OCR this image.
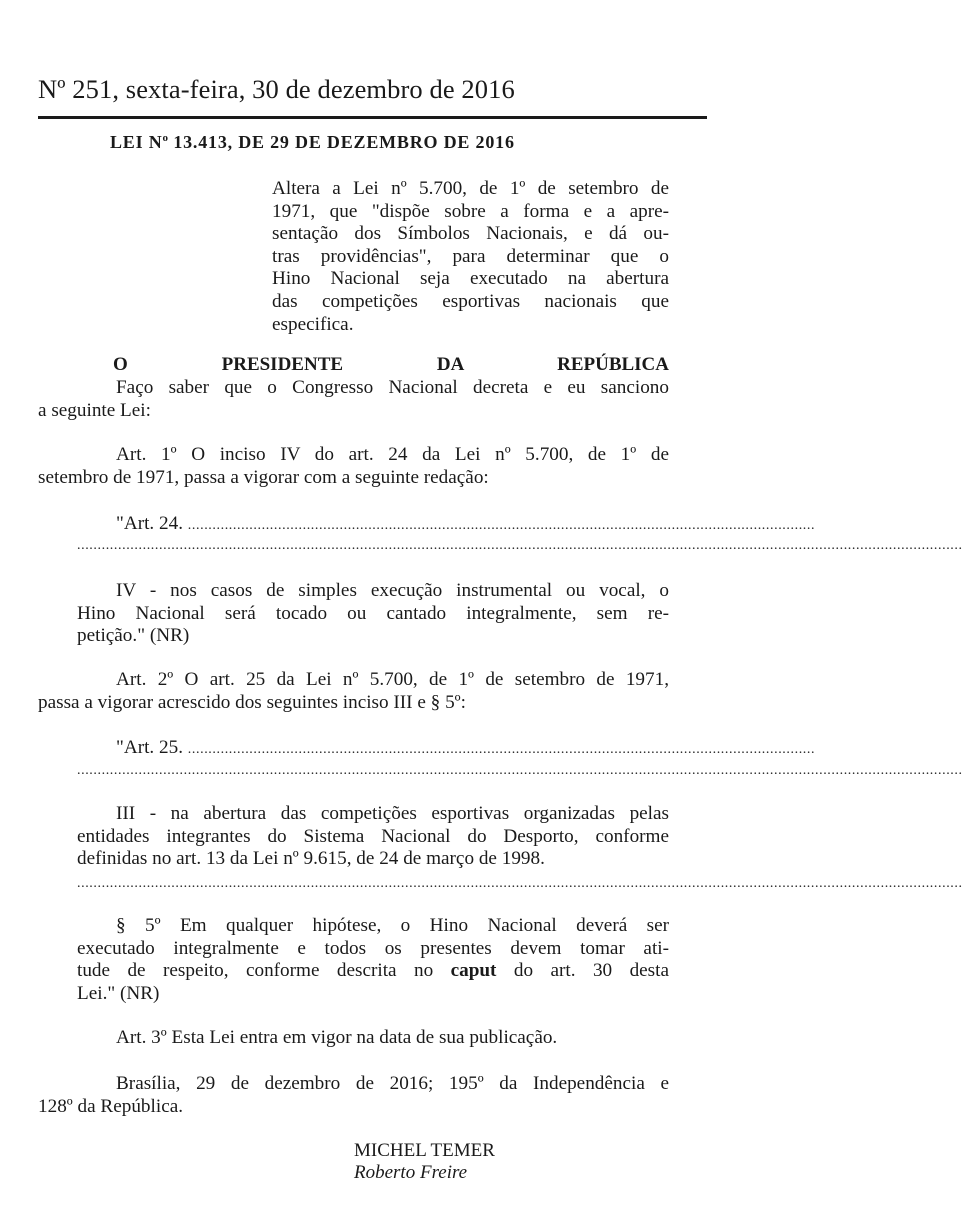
Nº 251, sexta-feira, 30 de dezembro de 2016
LEI $N^o$ 13.413, DE 29 DE DEZEMBRO DE 2016
Altera a Lei nº 5.700, de 1º de setembro de
1971, que "dispõe sobre a forma e a apre-
sentação dos Símbolos Nacionais, e dá ou-
tras providências", para determinar que o
Hino Nacional seja executado na abertura
das competições esportivas nacionais que
especifica.
O PRESIDENTE DA REPÚBLICA
Faço saber que o Congresso Nacional decreta e eu sanciono
a seguinte Lei:
Art. 1º O inciso IV do art. 24 da Lei nº 5.700, de 1º de
setembro de 1971, passa a vigorar com a seguinte redação:
"Art. 24. .........................................................................................................................................................
........................................................................................................................................................................................................................
IV - nos casos de simples execução instrumental ou vocal, o
Hino Nacional será tocado ou cantado integralmente, sem re-
petição." (NR)
Art. 2º O art. 25 da Lei nº 5.700, de 1º de setembro de 1971,
passa a vigorar acrescido dos seguintes inciso III e § 5º:
"Art. 25. .........................................................................................................................................................
........................................................................................................................................................................................................................
III - na abertura das competições esportivas organizadas pelas
entidades integrantes do Sistema Nacional do Desporto, conforme
definidas no art. 13 da Lei nº 9.615, de 24 de março de 1998.
........................................................................................................................................................................................................................
§ 5º Em qualquer hipótese, o Hino Nacional deverá ser
executado integralmente e todos os presentes devem tomar ati-
tude de respeito, conforme descrita no caput do art. 30 desta
Lei." (NR)
Art. 3º Esta Lei entra em vigor na data de sua publicação.
Brasília, 29 de dezembro de 2016; 195º da Independência e
128º da República.
MICHEL TEMER
Roberto Freire
